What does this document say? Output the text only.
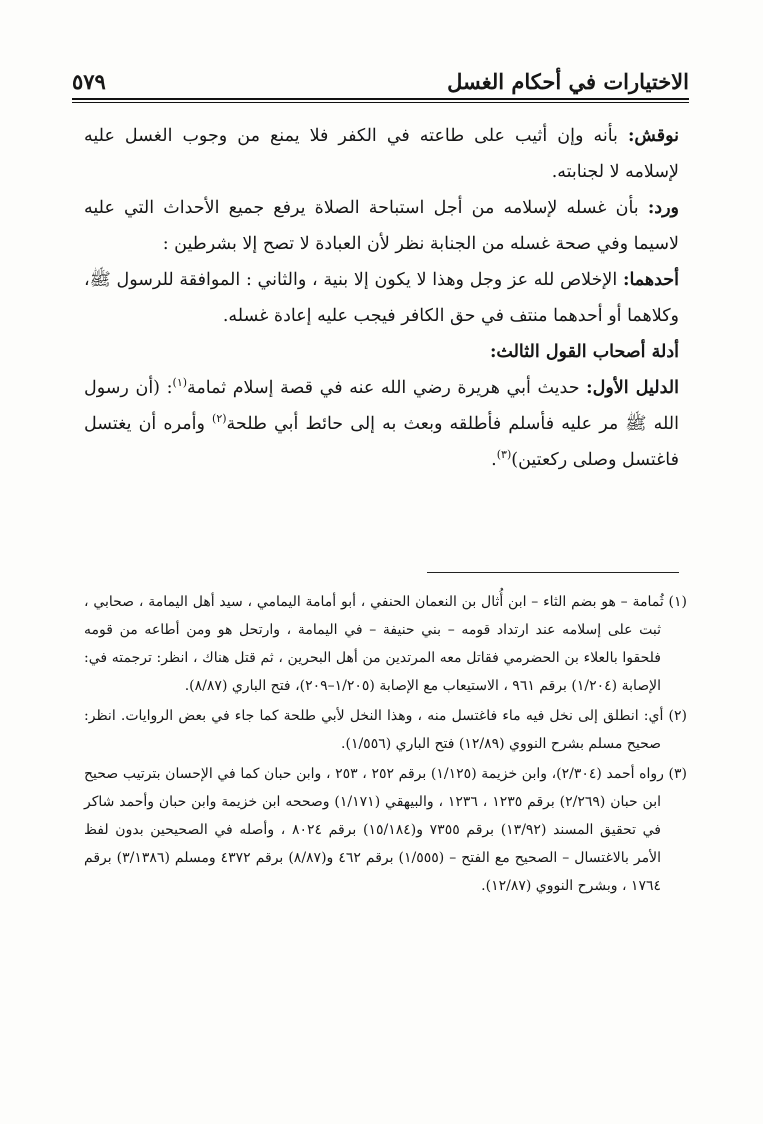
الاختيارات في أحكام الغسل
٥٧٩

نوقش: بأنه وإن أثيب على طاعته في الكفر فلا يمنع من وجوب الغسل عليه لإسلامه لا لجنابته.

ورد: بأن غسله لإسلامه من أجل استباحة الصلاة يرفع جميع الأحداث التي عليه لاسيما وفي صحة غسله من الجنابة نظر لأن العبادة لا تصح إلا بشرطين :

أحدهما: الإخلاص لله عز وجل وهذا لا يكون إلا بنية ، والثاني : الموافقة للرسول ﷺ، وكلاهما أو أحدهما منتف في حق الكافر فيجب عليه إعادة غسله.

أدلة أصحاب القول الثالث:

الدليل الأول: حديث أبي هريرة رضي الله عنه في قصة إسلام ثمامة$^{(١)}$: (أن رسول الله ﷺ مر عليه فأسلم فأطلقه وبعث به إلى حائط أبي طلحة$^{(٢)}$ وأمره أن يغتسل فاغتسل وصلى ركعتين)$^{(٣)}$.

(١) ثُمامة – هو بضم الثاء – ابن أُثال بن النعمان الحنفي ، أبو أمامة اليمامي ، سيد أهل اليمامة ، صحابي ، ثبت على إسلامه عند ارتداد قومه – بني حنيفة – في اليمامة ، وارتحل هو ومن أطاعه من قومه فلحقوا بالعلاء بن الحضرمي فقاتل معه المرتدين من أهل البحرين ، ثم قتل هناك ، انظر: ترجمته في: الإصابة (١/٢٠٤) برقم ٩٦١ ، الاستيعاب مع الإصابة (١/٢٠٥–٢٠٩)، فتح الباري (٨/٨٧).

(٢) أي: انطلق إلى نخل فيه ماء فاغتسل منه ، وهذا النخل لأبي طلحة كما جاء في بعض الروايات. انظر: صحيح مسلم بشرح النووي (١٢/٨٩) فتح الباري (١/٥٥٦).

(٣) رواه أحمد (٢/٣٠٤)، وابن خزيمة (١/١٢٥) برقم ٢٥٢ ، ٢٥٣ ، وابن حبان كما في الإحسان بترتيب صحيح ابن حبان (٢/٢٦٩) برقم ١٢٣٥ ، ١٢٣٦ ، والبيهقي (١/١٧١) وصححه ابن خزيمة وابن حبان وأحمد شاكر في تحقيق المسند (١٣/٩٢) برقم ٧٣٥٥ و(١٥/١٨٤) برقم ٨٠٢٤ ، وأصله في الصحيحين بدون لفظ الأمر بالاغتسال – الصحيح مع الفتح – (١/٥٥٥) برقم ٤٦٢ و(٨/٨٧) برقم ٤٣٧٢ ومسلم (٣/١٣٨٦) برقم ١٧٦٤ ، وبشرح النووي (١٢/٨٧).
